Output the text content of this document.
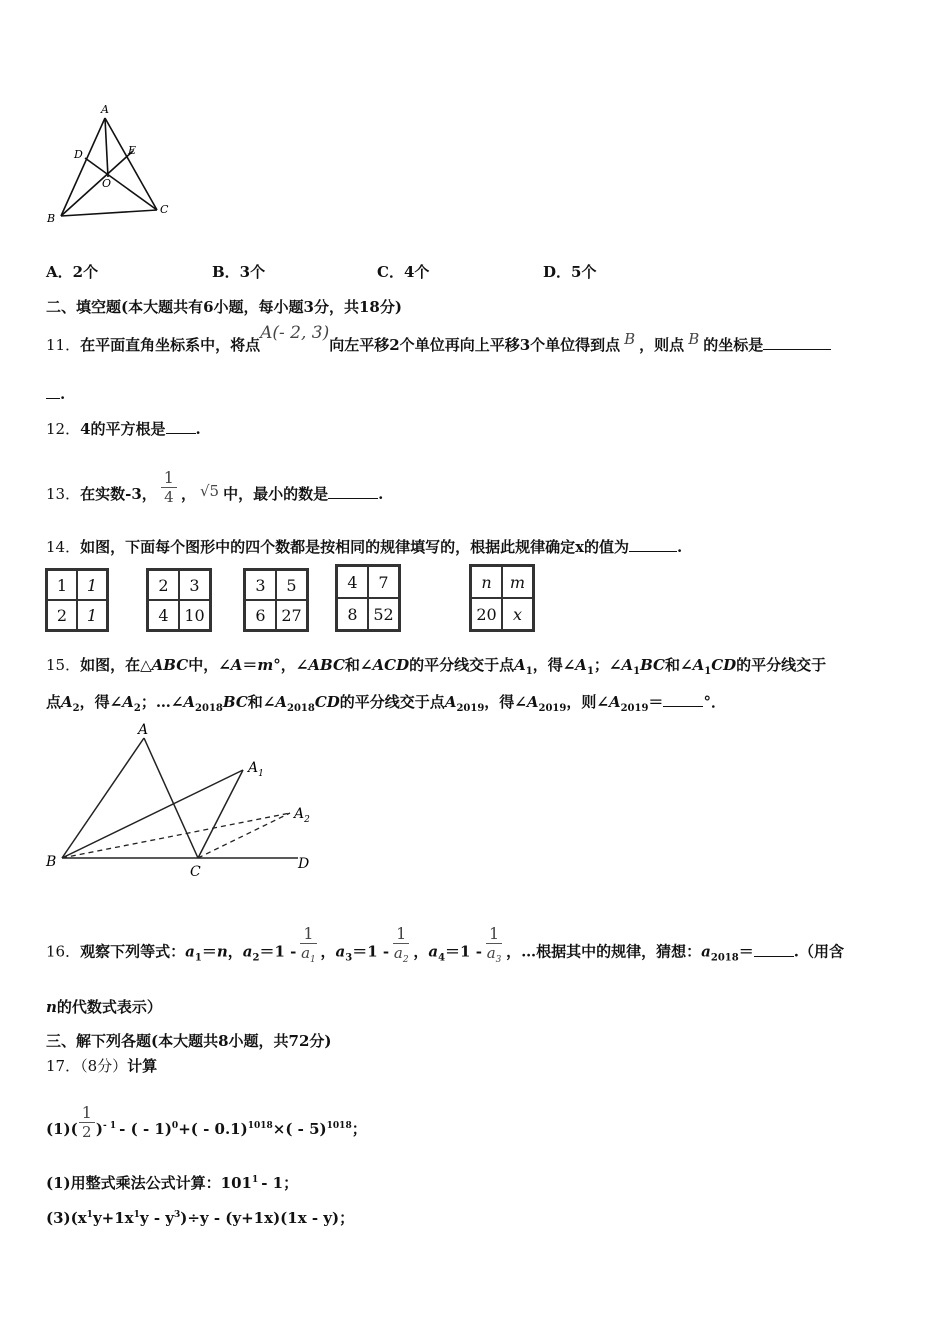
A
D	E
O
B
C
A．2个	B．3个	C．4个	D．5个
二、填空题(本大题共有6小题，每小题3分，共18分)
11．在平面直角坐标系中，将点A(- 2, 3)向左平移2个单位再向上平移3个单位得到点 B ，则点 B 的坐标是
.
12．4的平方根是 .
13．在实数-3， $\frac{1}{4}$ ， √5 中，最小的数是	.
14．如图，下面每个图形中的四个数都是按相同的规律填写的，根据此规律确定x的值为	.
1	1
2	1
2	3
4 10
3	5
6 27
4	7
8 52
n	m
20	x
15．如图，在△ABC中，∠A＝m°，∠ABC和∠ACD的平分线交于点$A_1$，得$\angle A_1$；$\angle A_1BC$和$\angle A_1CD$的平分线交于
点$A_2$，得$\angle A_2$；$\dots\angle A_{2018}BC$和$\angle A_{2018}CD$的平分线交于点$A_{2019}$，得$\angle A_{2019}$，则$\angle A_{2019}=$	°．
A
$A_1$
$A_2$
B
C	D
16．观察下列等式：$a_1=n$，$a_2=1 - \frac{1}{a_1}$ ，$a_3=1 - \frac{1}{a_2}$ ，$a_4=1 - \frac{1}{a_3}$ ，…根据其中的规律，猜想：$a_{2018}=$	.（用含
n的代数式表示）
三、解下列各题(本大题共8小题，共72分)
17．（8分）计算
$(1)( \frac{1}{2} )^{- 1}$ - ( - 1)$^0$+( - 0.1)$^{1018}$×( - 5)$^{1018}$；
(1)用整式乘法公式计算：$101^1 - 1$；
$(3)(x^1y+1x^1y - y^3)\div y - (y+1x)(1x - y)$；
